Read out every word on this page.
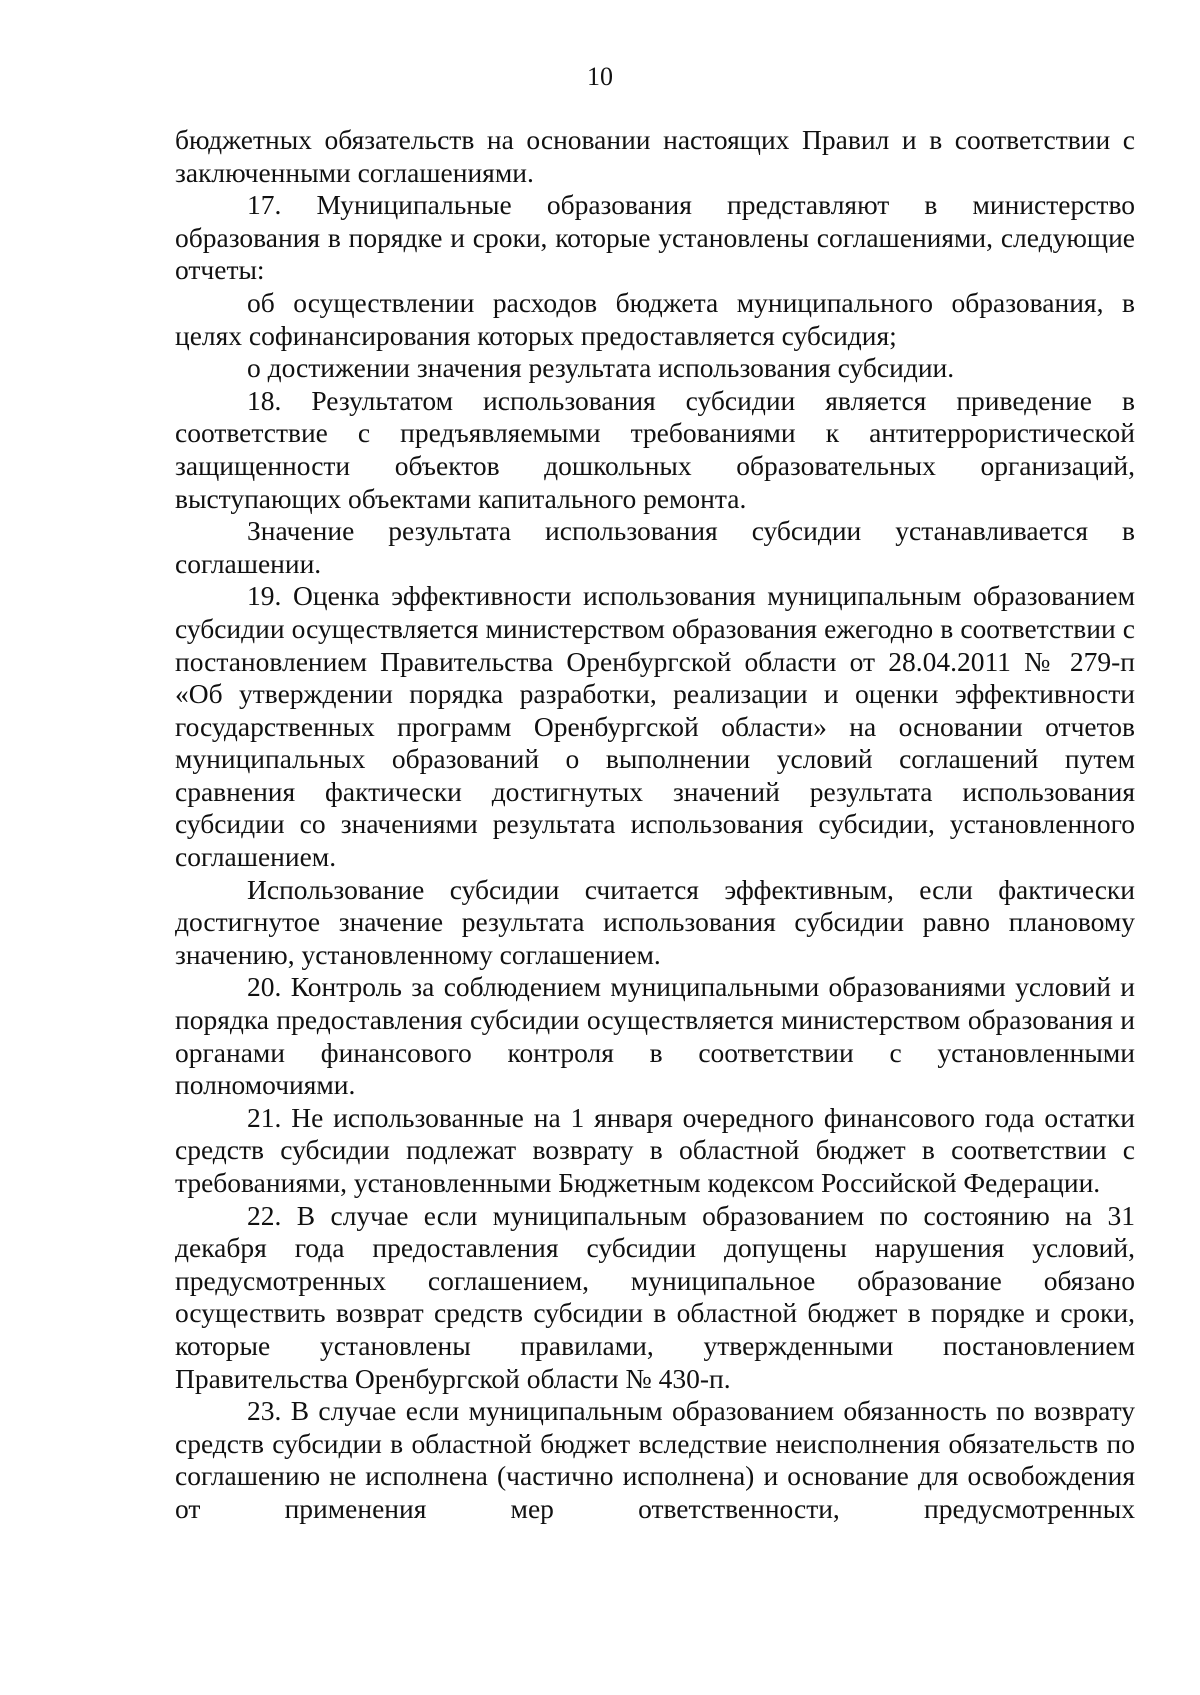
10

бюджетных обязательств на основании настоящих Правил и в соответствии с заключенными соглашениями.

17. Муниципальные образования представляют в министерство образования в порядке и сроки, которые установлены соглашениями, следующие отчеты:

об осуществлении расходов бюджета муниципального образования, в целях софинансирования которых предоставляется субсидия;

о достижении значения результата использования субсидии.

18. Результатом использования субсидии является приведение в соответствие с предъявляемыми требованиями к антитеррористической защищенности объектов дошкольных образовательных организаций, выступающих объектами капитального ремонта.

Значение результата использования субсидии устанавливается в соглашении.

19. Оценка эффективности использования муниципальным образованием субсидии осуществляется министерством образования ежегодно в соответствии с постановлением Правительства Оренбургской области от 28.04.2011 № 279-п «Об утверждении порядка разработки, реализации и оценки эффективности государственных программ Оренбургской области» на основании отчетов муниципальных образований о выполнении условий соглашений путем сравнения фактически достигнутых значений результата использования субсидии со значениями результата использования субсидии, установленного соглашением.

Использование субсидии считается эффективным, если фактически достигнутое значение результата использования субсидии равно плановому значению, установленному соглашением.

20. Контроль за соблюдением муниципальными образованиями условий и порядка предоставления субсидии осуществляется министерством образования и органами финансового контроля в соответствии с установленными полномочиями.

21. Не использованные на 1 января очередного финансового года остатки средств субсидии подлежат возврату в областной бюджет в соответствии с требованиями, установленными Бюджетным кодексом Российской Федерации.

22. В случае если муниципальным образованием по состоянию на 31 декабря года предоставления субсидии допущены нарушения условий, предусмотренных соглашением, муниципальное образование обязано осуществить возврат средств субсидии в областной бюджет в порядке и сроки, которые установлены правилами, утвержденными постановлением Правительства Оренбургской области № 430-п.

23. В случае если муниципальным образованием обязанность по возврату средств субсидии в областной бюджет вследствие неисполнения обязательств по соглашению не исполнена (частично исполнена) и основание для освобождения от применения мер ответственности, предусмотренных
